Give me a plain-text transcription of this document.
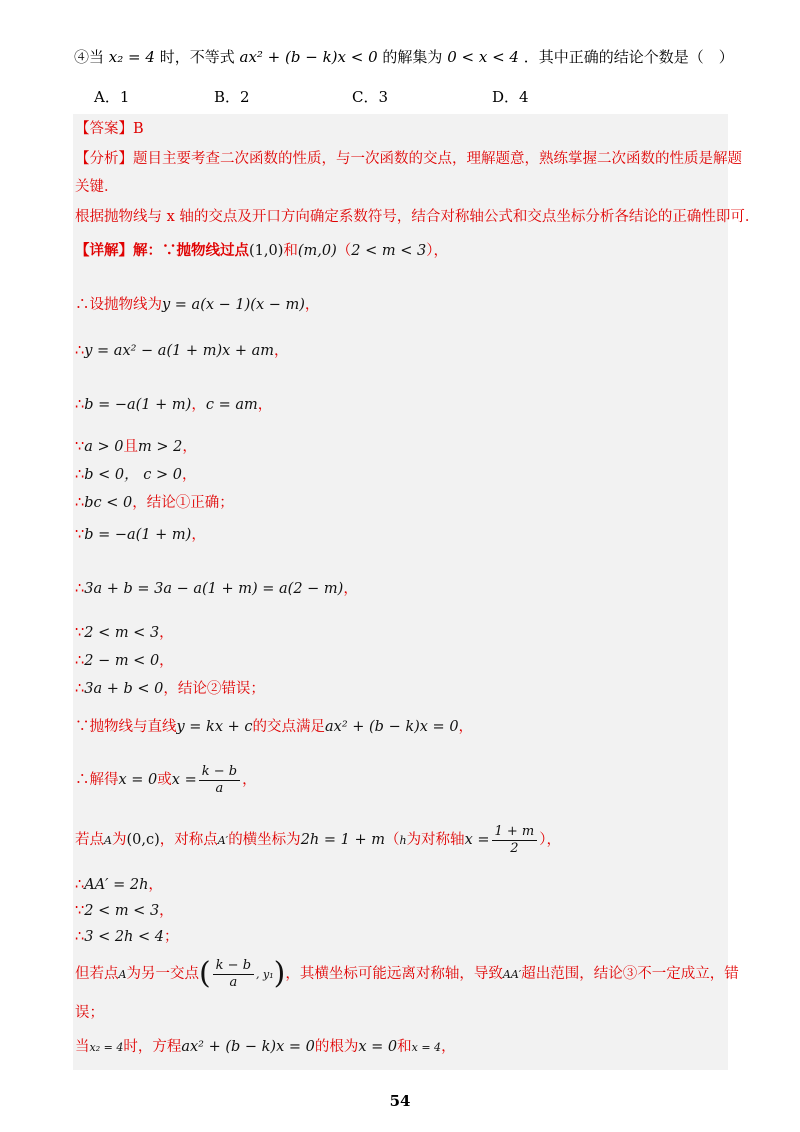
④当 x₂ = 4 时，不等式 ax² + (b − k)x < 0 的解集为 0 < x < 4 ．其中正确的结论个数是（　）
A．1	B．2	C．3	D．4
【答案】B
【分析】题目主要考查二次函数的性质，与一次函数的交点，理解题意，熟练掌握二次函数的性质是解题
关键．
根据抛物线与 x 轴的交点及开口方向确定系数符号，结合对称轴公式和交点坐标分析各结论的正确性即可．
【详解】解：∵抛物线过点(1,0)和(m,0)（2 < m < 3），
∴设抛物线为y = a(x − 1)(x − m)，
∴y = ax² − a(1 + m)x + am，
∴b = −a(1 + m)，c = am，
∵a > 0且m > 2，
∴b < 0， c > 0，
∴bc < 0，结论①正确；
∵b = −a(1 + m)，
∴3a + b = 3a − a(1 + m) = a(2 − m)，
∵2 < m < 3，
∴2 − m < 0，
∴3a + b < 0，结论②错误；
∵抛物线与直线y = kx + c的交点满足ax² + (b − k)x = 0，
∴解得x = 0或$x = \frac{k - b}{a}$ ，
若点A为(0,c)，对称点A′的横坐标为2h = 1 + m（h为对称轴$x = \frac{1 + m}{2}$ ），
∴AA′ = 2h，
∵2 < m < 3，
∴3 < 2h < 4；
但若点A为另一交点( $\frac{k - b}{a}$ , y₁)，其横坐标可能远离对称轴，导致AA′超出范围，结论③不一定成立，错
误；
当x₂ = 4时，方程ax² + (b − k)x = 0的根为x = 0和x = 4，
54
